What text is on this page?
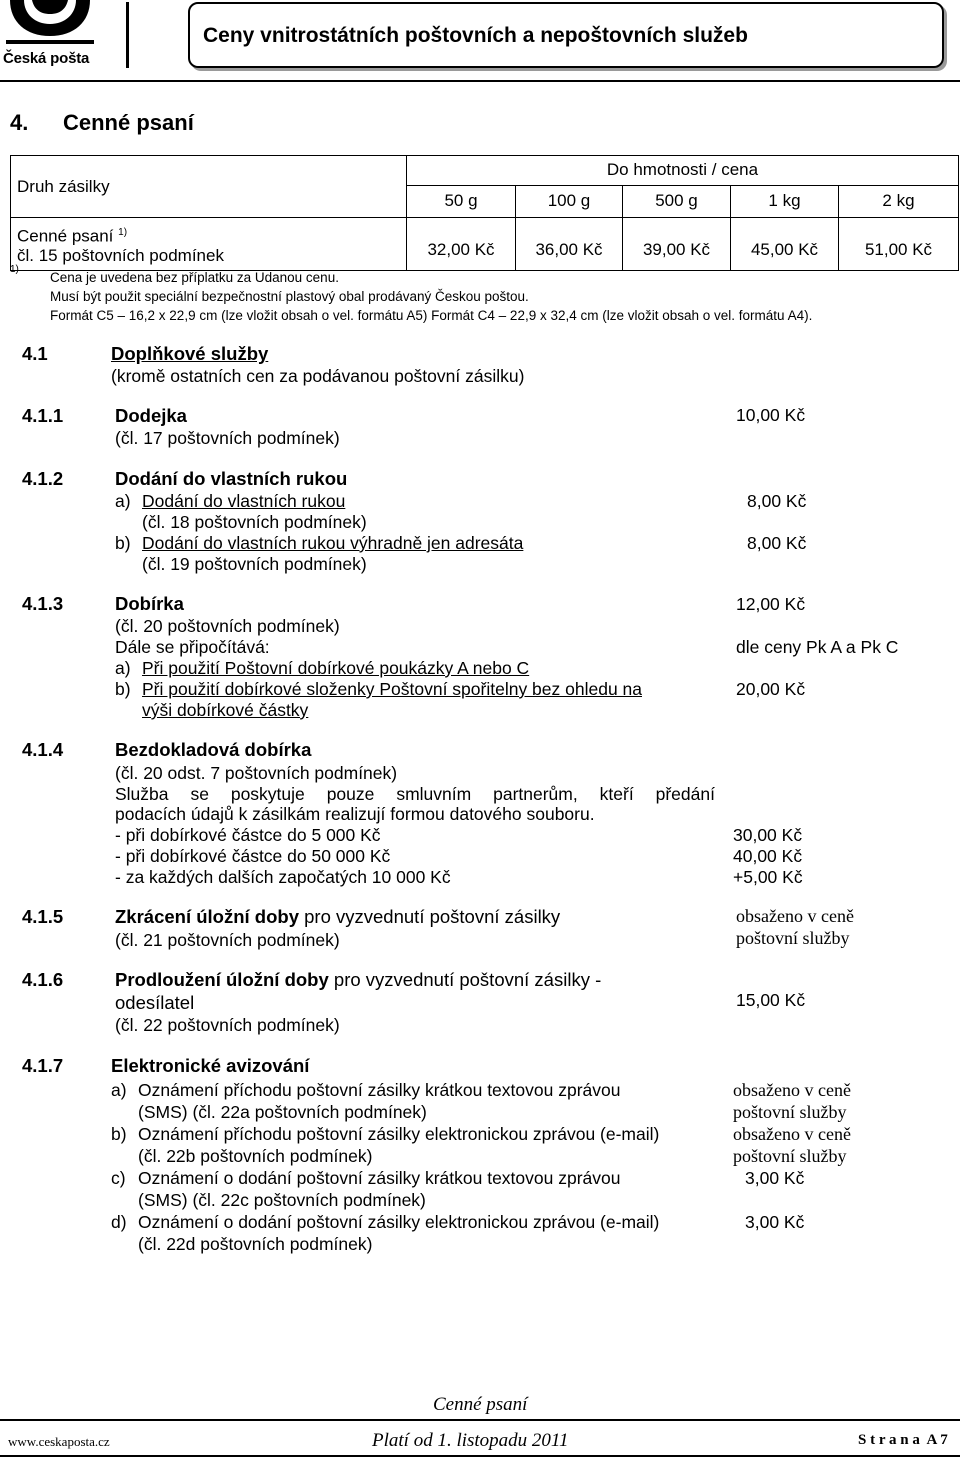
Česká pošta
Ceny vnitrostátních poštovních a nepoštovních služeb
4. Cenné psaní
Druh zásilky	Do hmotnosti / cena				
	50 g	100 g	500 g	1 kg	2 kg
Cenné psaní $^{1)}$
čl. 15 poštovních podmínek	32,00 Kč	36,00 Kč	39,00 Kč	45,00 Kč	51,00 Kč
1)
Cena je uvedena bez příplatku za Udanou cenu.
Musí být použit speciální bezpečnostní plastový obal prodávaný Českou poštou.
Formát C5 – 16,2 x 22,9 cm (lze vložit obsah o vel. formátu A5) Formát C4 – 22,9 x 32,4 cm (lze vložit obsah o vel. formátu A4).
4.1	Doplňkové služby
(kromě ostatních cen za podávanou poštovní zásilku)
4.1.1	Dodejka
(čl. 17 poštovních podmínek)
10,00 Kč
4.1.2	Dodání do vlastních rukou
a) Dodání do vlastních rukou
(čl. 18 poštovních podmínek)
8,00 Kč
b) Dodání do vlastních rukou výhradně jen adresáta
(čl. 19 poštovních podmínek)
8,00 Kč
4.1.3	Dobírka	12,00 Kč
(čl. 20 poštovních podmínek)
Dále se připočítává:	dle ceny Pk A a Pk C
a) Při použití Poštovní dobírkové poukázky A nebo C
b) Při použití dobírkové složenky Poštovní spořitelny bez ohledu na
výši dobírkové částky
20,00 Kč
4.1.4	Bezdokladová dobírka
(čl. 20 odst. 7 poštovních podmínek)
Služba se poskytuje pouze smluvním partnerům, kteří předání
podacích údajů k zásilkám realizují formou datového souboru.
- při dobírkové částce do 5 000 Kč	30,00 Kč
- při dobírkové částce do 50 000 Kč	40,00 Kč
- za každých dalších započatých 10 000 Kč	+5,00 Kč
4.1.5	Zkrácení úložní doby pro vyzvednutí poštovní zásilky
(čl. 21 poštovních podmínek)
obsaženo v ceně
poštovní služby
4.1.6	Prodloužení úložní doby pro vyzvednutí poštovní zásilky -
odesílatel
(čl. 22 poštovních podmínek)
15,00 Kč
4.1.7	Elektronické avizování
a) Oznámení příchodu poštovní zásilky krátkou textovou zprávou
(SMS) (čl. 22a poštovních podmínek)
obsaženo v ceně
poštovní služby
b) Oznámení příchodu poštovní zásilky elektronickou zprávou (e-mail)
(čl. 22b poštovních podmínek)
obsaženo v ceně
poštovní služby
c) Oznámení o dodání poštovní zásilky krátkou textovou zprávou
(SMS) (čl. 22c poštovních podmínek)
3,00 Kč
d) Oznámení o dodání poštovní zásilky elektronickou zprávou (e-mail)
(čl. 22d poštovních podmínek)
3,00 Kč
Cenné psaní
www.ceskaposta.cz	Platí od 1. listopadu 2011	S t r a n a  A 7
